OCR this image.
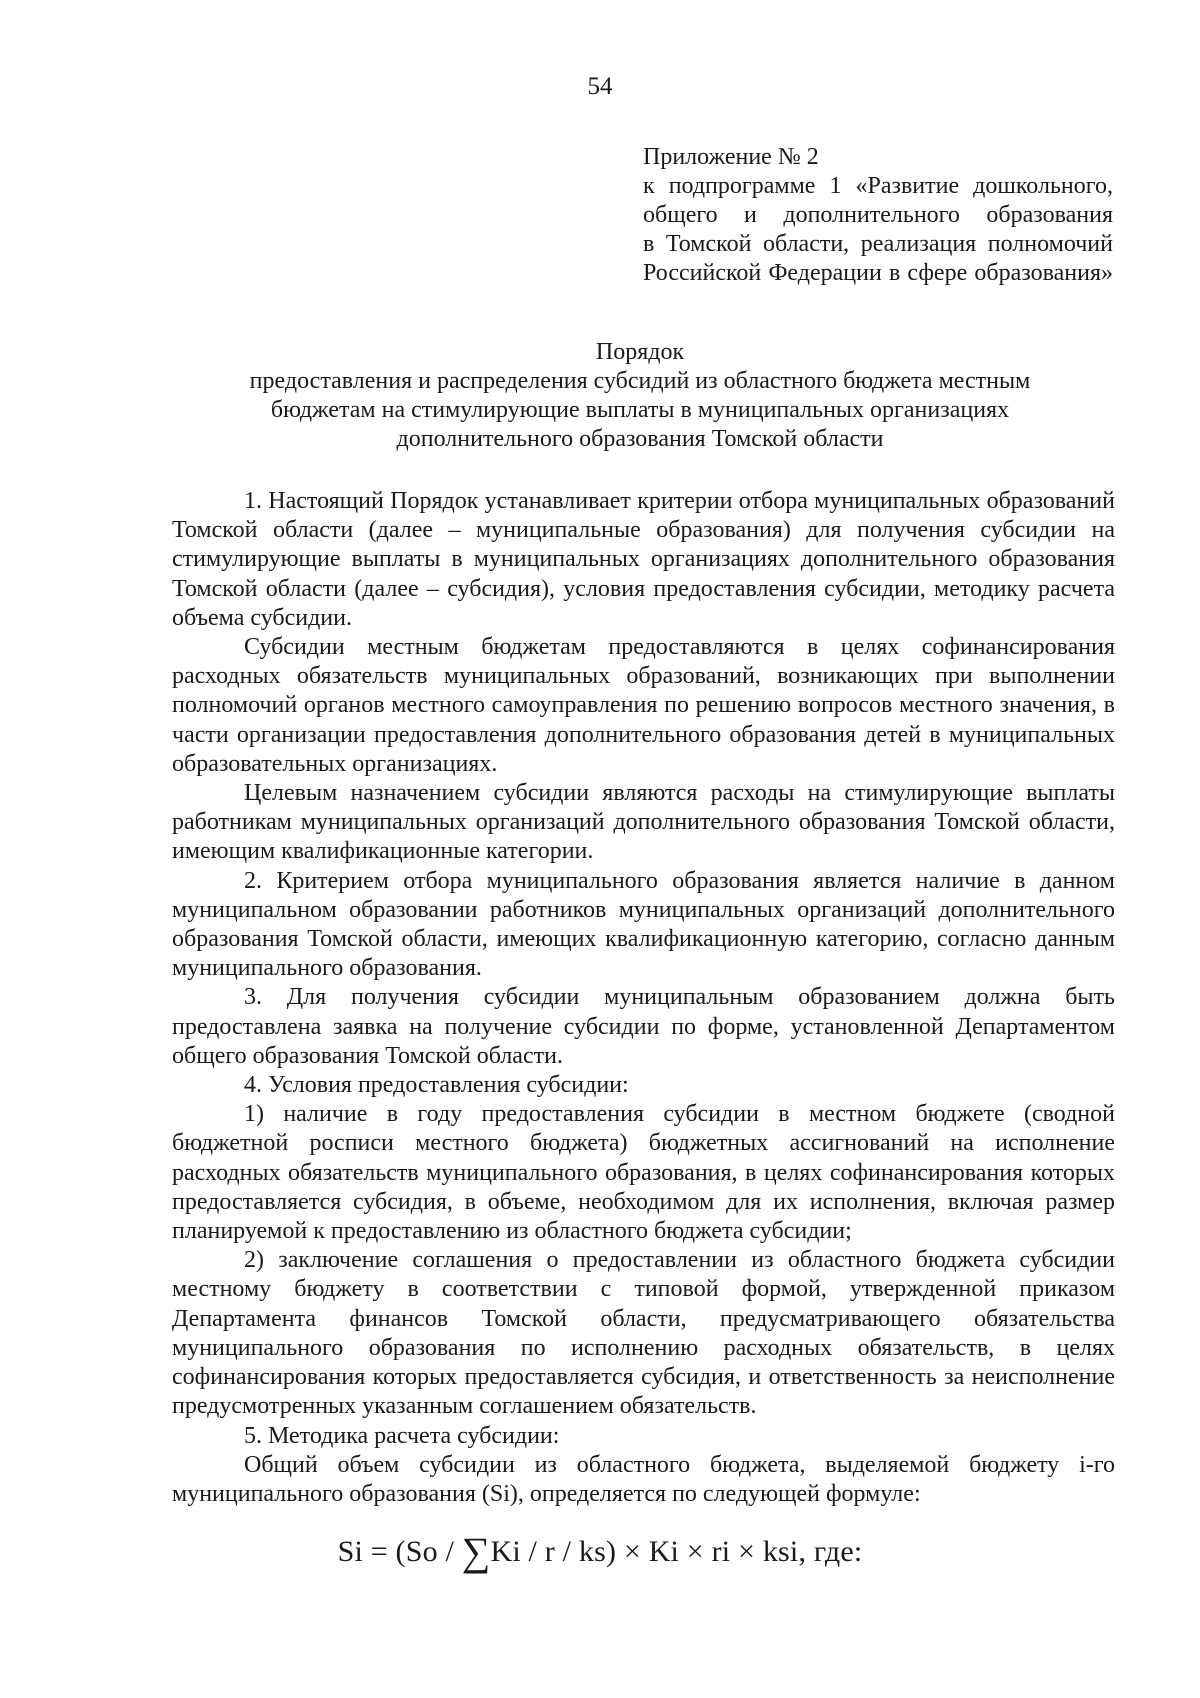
54
Приложение № 2
к подпрограмме 1 «Развитие дошкольного,
общего и дополнительного образования
в Томской области, реализация полномочий
Российской Федерации в сфере образования»
Порядок
предоставления и распределения субсидий из областного бюджета местным
бюджетам на стимулирующие выплаты в муниципальных организациях
дополнительного образования Томской области

1. Настоящий Порядок устанавливает критерии отбора муниципальных образований Томской области (далее – муниципальные образования) для получения субсидии на стимулирующие выплаты в муниципальных организациях дополнительного образования Томской области (далее – субсидия), условия предоставления субсидии, методику расчета объема субсидии.

Субсидии местным бюджетам предоставляются в целях софинансирования расходных обязательств муниципальных образований, возникающих при выполнении полномочий органов местного самоуправления по решению вопросов местного значения, в части организации предоставления дополнительного образования детей в муниципальных образовательных организациях.

Целевым назначением субсидии являются расходы на стимулирующие выплаты работникам муниципальных организаций дополнительного образования Томской области, имеющим квалификационные категории.

2. Критерием отбора муниципального образования является наличие в данном муниципальном образовании работников муниципальных организаций дополнительного образования Томской области, имеющих квалификационную категорию, согласно данным муниципального образования.

3. Для получения субсидии муниципальным образованием должна быть предоставлена заявка на получение субсидии по форме, установленной Департаментом общего образования Томской области.

4. Условия предоставления субсидии:

1) наличие в году предоставления субсидии в местном бюджете (сводной бюджетной росписи местного бюджета) бюджетных ассигнований на исполнение расходных обязательств муниципального образования, в целях софинансирования которых предоставляется субсидия, в объеме, необходимом для их исполнения, включая размер планируемой к предоставлению из областного бюджета субсидии;

2) заключение соглашения о предоставлении из областного бюджета субсидии местному бюджету в соответствии с типовой формой, утвержденной приказом Департамента финансов Томской области, предусматривающего обязательства муниципального образования по исполнению расходных обязательств, в целях софинансирования которых предоставляется субсидия, и ответственность за неисполнение предусмотренных указанным соглашением обязательств.

5. Методика расчета субсидии:

Общий объем субсидии из областного бюджета, выделяемой бюджету i-го муниципального образования (Si), определяется по следующей формуле:

Si = (So / ∑Ki / r / ks) × Ki × ri × ksi, где:
